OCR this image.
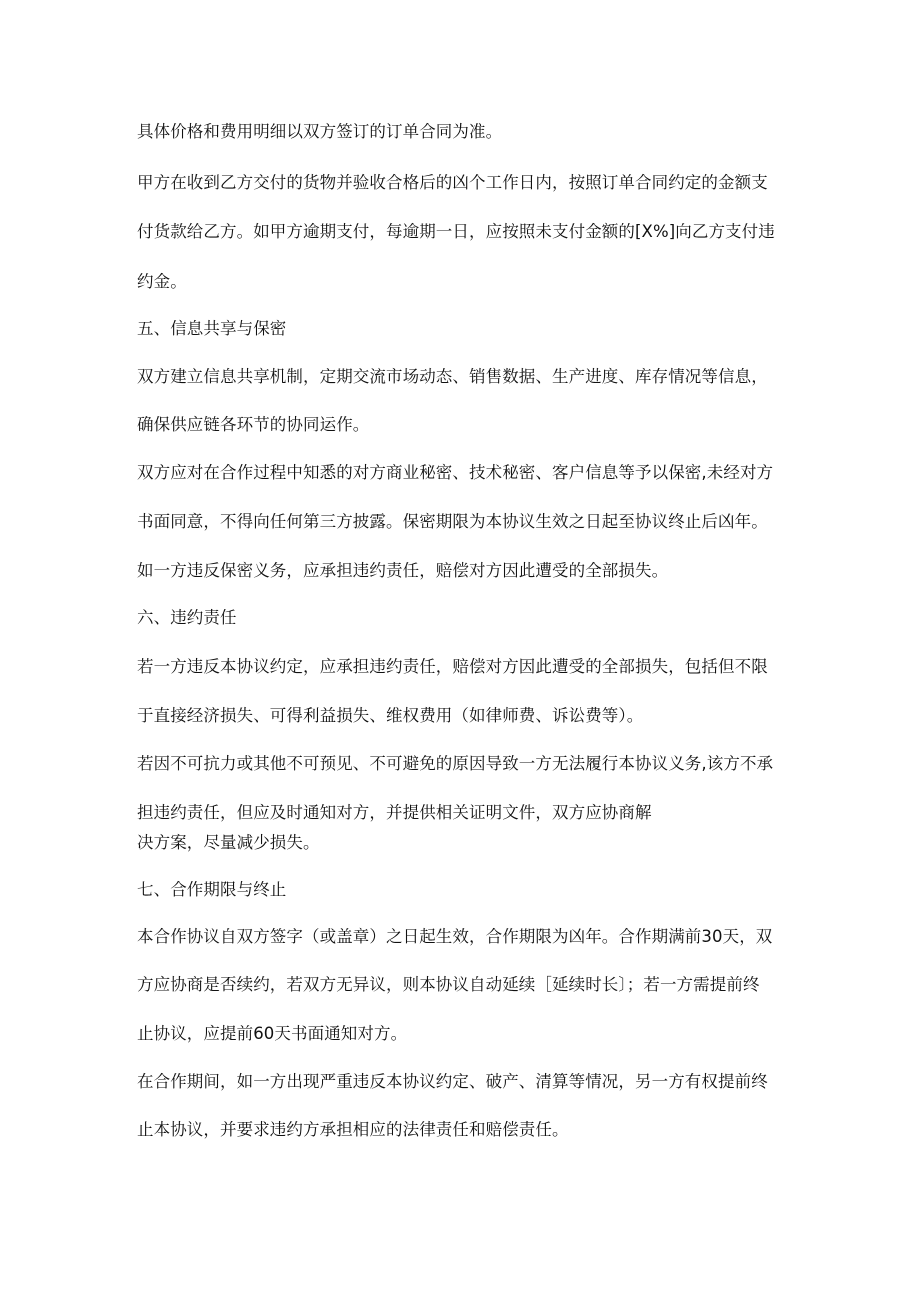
具体价格和费用明细以双方签订的订单合同为准。
甲方在收到乙方交付的货物并验收合格后的凶个工作日内，按照订单合同约定的金额支
付货款给乙方。如甲方逾期支付，每逾期一日，应按照未支付金额的[X%]向乙方支付违
约金。
五、信息共享与保密
双方建立信息共享机制，定期交流市场动态、销售数据、生产进度、库存情况等信息，
确保供应链各环节的协同运作。
双方应对在合作过程中知悉的对方商业秘密、技术秘密、客户信息等予以保密,未经对方
书面同意，不得向任何第三方披露。保密期限为本协议生效之日起至协议终止后凶年。
如一方违反保密义务，应承担违约责任，赔偿对方因此遭受的全部损失。
六、违约责任
若一方违反本协议约定，应承担违约责任，赔偿对方因此遭受的全部损失，包括但不限
于直接经济损失、可得利益损失、维权费用（如律师费、诉讼费等）。
若因不可抗力或其他不可预见、不可避免的原因导致一方无法履行本协议义务,该方不承
担违约责任，但应及时通知对方，并提供相关证明文件，双方应协商解
决方案，尽量减少损失。
七、合作期限与终止
本合作协议自双方签字（或盖章）之日起生效，合作期限为凶年。合作期满前30天，双
方应协商是否续约，若双方无异议，则本协议自动延续［延续时长〕；若一方需提前终
止协议，应提前60天书面通知对方。
在合作期间，如一方出现严重违反本协议约定、破产、清算等情况，另一方有权提前终
止本协议，并要求违约方承担相应的法律责任和赔偿责任。
